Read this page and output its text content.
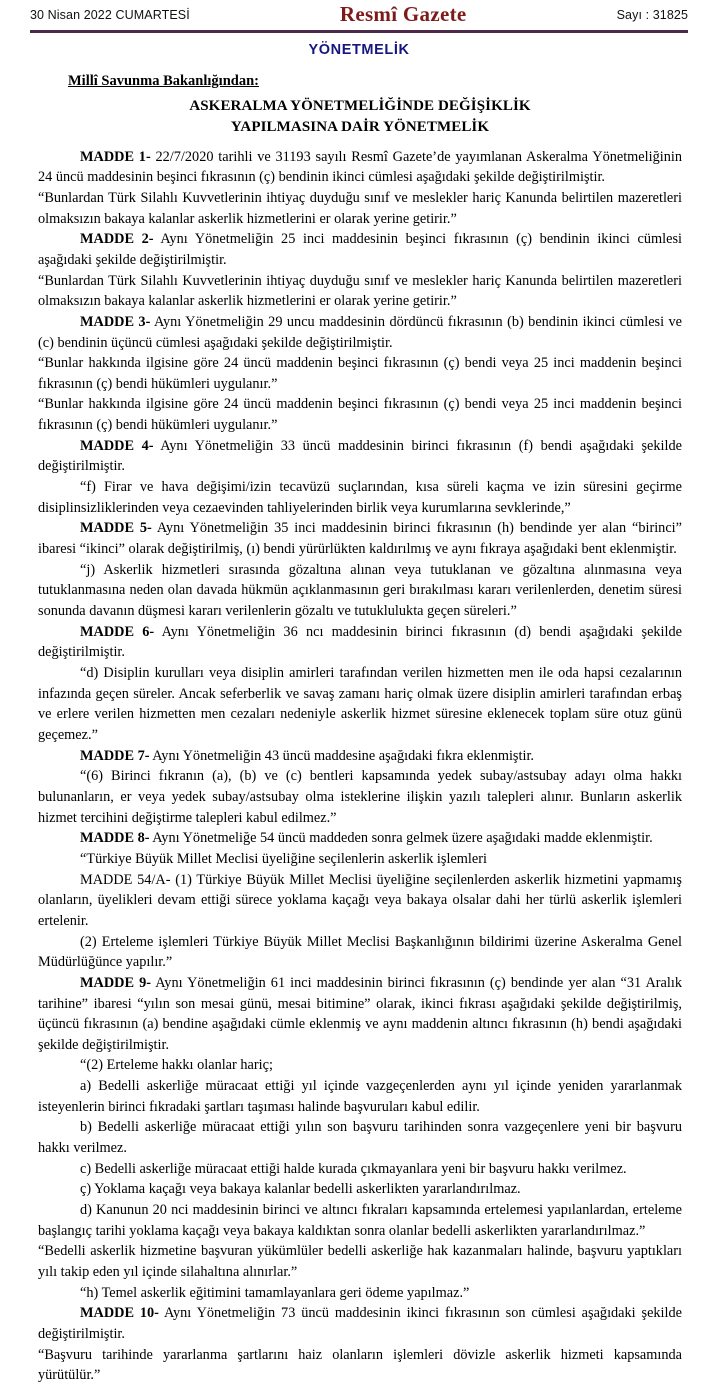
30 Nisan 2022 CUMARTESİ	Resmî Gazete	Sayı : 31825
YÖNETMELİK
Millî Savunma Bakanlığından:
ASKERALMA YÖNETMELİĞİNDE DEĞİŞİKLİK
YAPILMASINA DAİR YÖNETMELİK

MADDE 1- 22/7/2020 tarihli ve 31193 sayılı Resmî Gazete’de yayımlanan Askeralma Yönetmeliğinin 24 üncü maddesinin beşinci fıkrasının (ç) bendinin ikinci cümlesi aşağıdaki şekilde değiştirilmiştir.

“Bunlardan Türk Silahlı Kuvvetlerinin ihtiyaç duyduğu sınıf ve meslekler hariç Kanunda belirtilen mazeretleri olmaksızın bakaya kalanlar askerlik hizmetlerini er olarak yerine getirir.”

MADDE 2- Aynı Yönetmeliğin 25 inci maddesinin beşinci fıkrasının (ç) bendinin ikinci cümlesi aşağıdaki şekilde değiştirilmiştir.

“Bunlardan Türk Silahlı Kuvvetlerinin ihtiyaç duyduğu sınıf ve meslekler hariç Kanunda belirtilen mazeretleri olmaksızın bakaya kalanlar askerlik hizmetlerini er olarak yerine getirir.”

MADDE 3- Aynı Yönetmeliğin 29 uncu maddesinin dördüncü fıkrasının (b) bendinin ikinci cümlesi ve (c) bendinin üçüncü cümlesi aşağıdaki şekilde değiştirilmiştir.

“Bunlar hakkında ilgisine göre 24 üncü maddenin beşinci fıkrasının (ç) bendi veya 25 inci maddenin beşinci fıkrasının (ç) bendi hükümleri uygulanır.”

“Bunlar hakkında ilgisine göre 24 üncü maddenin beşinci fıkrasının (ç) bendi veya 25 inci maddenin beşinci fıkrasının (ç) bendi hükümleri uygulanır.”

MADDE 4- Aynı Yönetmeliğin 33 üncü maddesinin birinci fıkrasının (f) bendi aşağıdaki şekilde değiştirilmiştir.

“f) Firar ve hava değişimi/izin tecavüzü suçlarından, kısa süreli kaçma ve izin süresini geçirme disiplinsizliklerinden veya cezaevinden tahliyelerinden birlik veya kurumlarına sevklerinde,”

MADDE 5- Aynı Yönetmeliğin 35 inci maddesinin birinci fıkrasının (h) bendinde yer alan “birinci” ibaresi “ikinci” olarak değiştirilmiş, (ı) bendi yürürlükten kaldırılmış ve aynı fıkraya aşağıdaki bent eklenmiştir.

“j) Askerlik hizmetleri sırasında gözaltına alınan veya tutuklanan ve gözaltına alınmasına veya tutuklanmasına neden olan davada hükmün açıklanmasının geri bırakılması kararı verilenlerden, denetim süresi sonunda davanın düşmesi kararı verilenlerin gözaltı ve tutuklulukta geçen süreleri.”

MADDE 6- Aynı Yönetmeliğin 36 ncı maddesinin birinci fıkrasının (d) bendi aşağıdaki şekilde değiştirilmiştir.

“d) Disiplin kurulları veya disiplin amirleri tarafından verilen hizmetten men ile oda hapsi cezalarının infazında geçen süreler. Ancak seferberlik ve savaş zamanı hariç olmak üzere disiplin amirleri tarafından erbaş ve erlere verilen hizmetten men cezaları nedeniyle askerlik hizmet süresine eklenecek toplam süre otuz günü geçemez.”

MADDE 7- Aynı Yönetmeliğin 43 üncü maddesine aşağıdaki fıkra eklenmiştir.

“(6) Birinci fıkranın (a), (b) ve (c) bentleri kapsamında yedek subay/astsubay adayı olma hakkı bulunanların, er veya yedek subay/astsubay olma isteklerine ilişkin yazılı talepleri alınır. Bunların askerlik hizmet tercihini değiştirme talepleri kabul edilmez.”

MADDE 8- Aynı Yönetmeliğe 54 üncü maddeden sonra gelmek üzere aşağıdaki madde eklenmiştir.

“Türkiye Büyük Millet Meclisi üyeliğine seçilenlerin askerlik işlemleri

MADDE 54/A- (1) Türkiye Büyük Millet Meclisi üyeliğine seçilenlerden askerlik hizmetini yapmamış olanların, üyelikleri devam ettiği sürece yoklama kaçağı veya bakaya olsalar dahi her türlü askerlik işlemleri ertelenir.

(2) Erteleme işlemleri Türkiye Büyük Millet Meclisi Başkanlığının bildirimi üzerine Askeralma Genel Müdürlüğünce yapılır.”

MADDE 9- Aynı Yönetmeliğin 61 inci maddesinin birinci fıkrasının (ç) bendinde yer alan “31 Aralık tarihine” ibaresi “yılın son mesai günü, mesai bitimine” olarak, ikinci fıkrası aşağıdaki şekilde değiştirilmiş, üçüncü fıkrasının (a) bendine aşağıdaki cümle eklenmiş ve aynı maddenin altıncı fıkrasının (h) bendi aşağıdaki şekilde değiştirilmiştir.

“(2) Erteleme hakkı olanlar hariç;

a) Bedelli askerliğe müracaat ettiği yıl içinde vazgeçenlerden aynı yıl içinde yeniden yararlanmak isteyenlerin birinci fıkradaki şartları taşıması halinde başvuruları kabul edilir.

b) Bedelli askerliğe müracaat ettiği yılın son başvuru tarihinden sonra vazgeçenlere yeni bir başvuru hakkı verilmez.

c) Bedelli askerliğe müracaat ettiği halde kurada çıkmayanlara yeni bir başvuru hakkı verilmez.

ç) Yoklama kaçağı veya bakaya kalanlar bedelli askerlikten yararlandırılmaz.

d) Kanunun 20 nci maddesinin birinci ve altıncı fıkraları kapsamında ertelemesi yapılanlardan, erteleme başlangıç tarihi yoklama kaçağı veya bakaya kaldıktan sonra olanlar bedelli askerlikten yararlandırılmaz.”

“Bedelli askerlik hizmetine başvuran yükümlüler bedelli askerliğe hak kazanmaları halinde, başvuru yaptıkları yılı takip eden yıl içinde silahaltına alınırlar.”

“h) Temel askerlik eğitimini tamamlayanlara geri ödeme yapılmaz.”

MADDE 10- Aynı Yönetmeliğin 73 üncü maddesinin ikinci fıkrasının son cümlesi aşağıdaki şekilde değiştirilmiştir.

“Başvuru tarihinde yararlanma şartlarını haiz olanların işlemleri dövizle askerlik hizmeti kapsamında yürütülür.”
